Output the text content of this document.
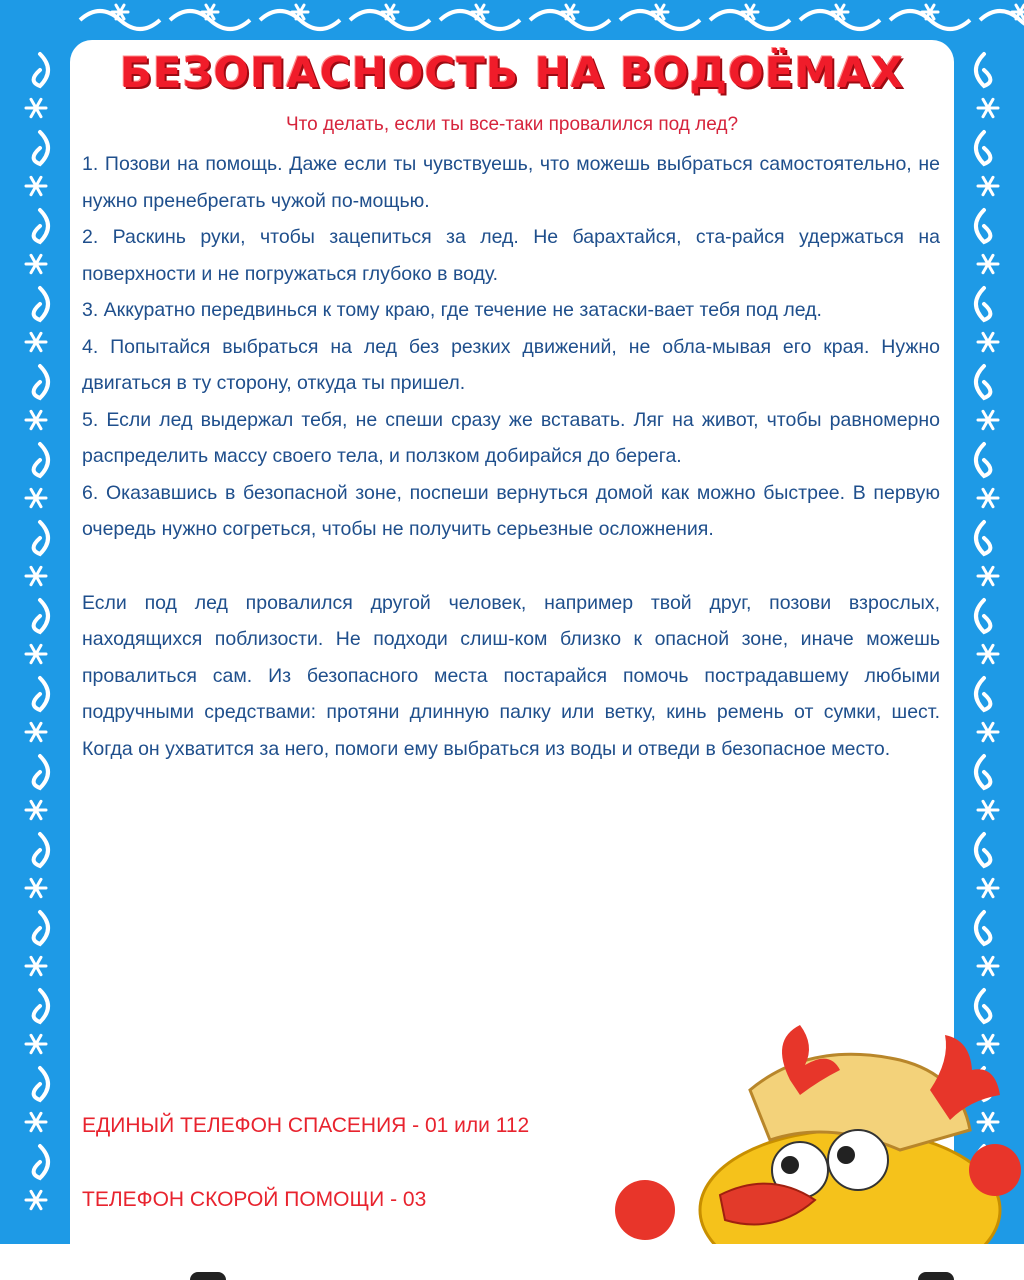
БЕЗОПАСНОСТЬ НА ВОДОЁМАХ

Что делать, если ты все-таки провалился под лед?

1. Позови на помощь. Даже если ты чувствуешь, что можешь выбраться самостоятельно, не нужно пренебрегать чужой по-мощью.

2. Раскинь руки, чтобы зацепиться за лед. Не барахтайся, ста-райся удержаться на поверхности и не погружаться глубоко в воду.

3. Аккуратно передвинься к тому краю, где течение не затаски-вает тебя под лед.

4. Попытайся выбраться на лед без резких движений, не обла-мывая его края. Нужно двигаться в ту сторону, откуда ты пришел.

5. Если лед выдержал тебя, не спеши сразу же вставать. Ляг на живот, чтобы равномерно распределить массу своего тела, и ползком добирайся до берега.

6. Оказавшись в безопасной зоне, поспеши вернуться домой как можно быстрее. В первую очередь нужно согреться, чтобы не получить серьезные осложнения.

Если под лед провалился другой человек, например твой друг, позови взрослых, находящихся поблизости. Не подходи слиш-ком близко к опасной зоне, иначе можешь провалиться сам. Из безопасного места постарайся помочь пострадавшему любыми подручными средствами: протяни длинную палку или ветку, кинь ремень от сумки, шест. Когда он ухватится за него, помоги ему выбраться из воды и отведи в безопасное место.

ЕДИНЫЙ ТЕЛЕФОН СПАСЕНИЯ - 01 или 112

ТЕЛЕФОН СКОРОЙ ПОМОЩИ - 03
